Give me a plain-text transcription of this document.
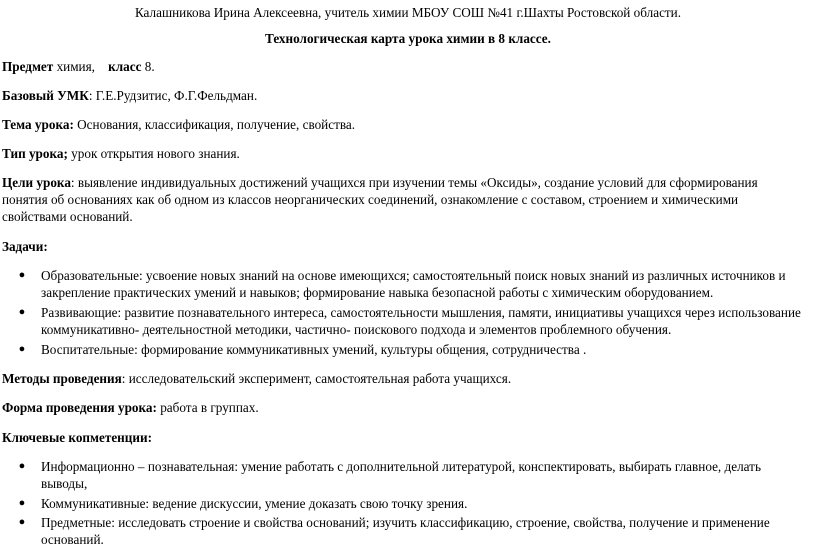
Калашникова Ирина Алексеевна, учитель химии МБОУ СОШ №41 г.Шахты Ростовской области.
Технологическая карта урока химии в 8 классе.
Предмет химия, класс 8.
Базовый УМК: Г.Е.Рудзитис, Ф.Г.Фельдман.
Тема урока: Основания, классификация, получение, свойства.
Тип урока; урок открытия нового знания.
Цели урока: выявление индивидуальных достижений учащихся при изучении темы «Оксиды», создание условий для сформирования
понятия об основаниях как об одном из классов неорганических соединений, ознакомление с составом, строением и химическими
свойствами оснований.
Задачи:
● Образовательные: усвоение новых знаний на основе имеющихся; самостоятельный поиск новых знаний из различных источников и
закрепление практических умений и навыков; формирование навыка безопасной работы с химическим оборудованием.
● Развивающие: развитие познавательного интереса, самостоятельности мышления, памяти, инициативы учащихся через использование
коммуникативно- деятельностной методики, частично- поискового подхода и элементов проблемного обучения.
● Воспитательные: формирование коммуникативных умений, культуры общения, сотрудничества .
Методы проведения: исследовательский эксперимент, самостоятельная работа учащихся.
Форма проведения урока: работа в группах.
Ключевые копметенции:
● Информационно – познавательная: умение работать с дополнительной литературой, конспектировать, выбирать главное, делать
выводы,
● Коммуникативные: ведение дискуссии, умение доказать свою точку зрения.
● Предметные: исследовать строение и свойства оснований; изучить классификацию, строение, свойства, получение и применение
оснований.
